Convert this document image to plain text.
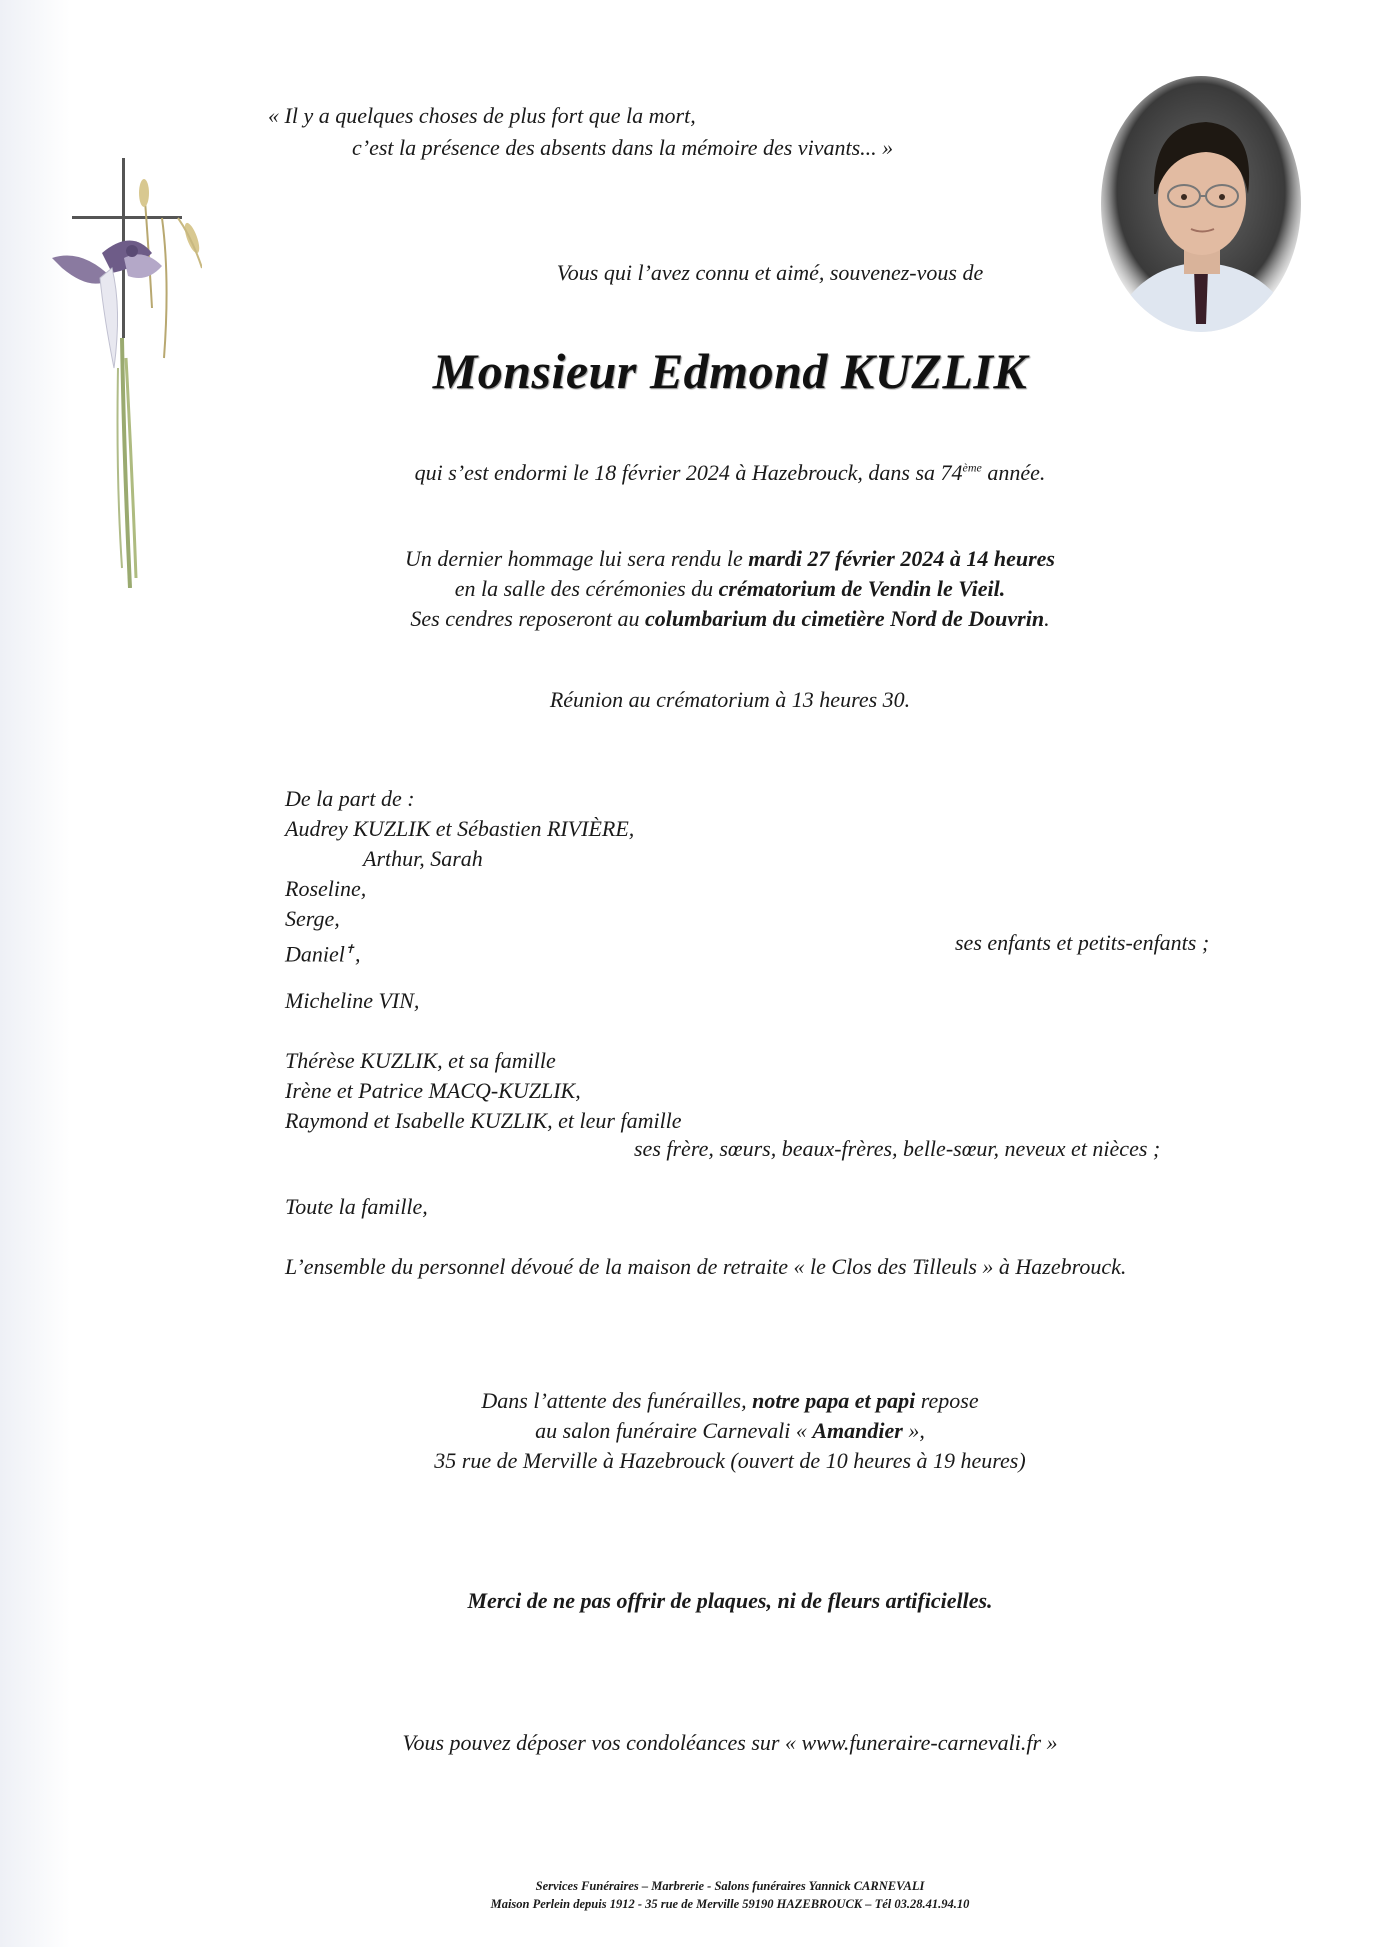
« Il y a quelques choses de plus fort que la mort,
c’est la présence des absents dans la mémoire des vivants... »
Vous qui l’avez connu et aimé, souvenez-vous de
Monsieur Edmond KUZLIK
qui s’est endormi le 18 février 2024 à Hazebrouck, dans sa 74ème année.
Un dernier hommage lui sera rendu le mardi 27 février 2024 à 14 heures
en la salle des cérémonies du crématorium de Vendin le Vieil.
Ses cendres reposeront au columbarium du cimetière Nord de Douvrin.
Réunion au crématorium à 13 heures 30.
De la part de :
Audrey KUZLIK et Sébastien RIVIÈRE,
Arthur, Sarah
Roseline,
Serge,
Daniel✝,	ses enfants et petits-enfants ;
Micheline VIN,
Thérèse KUZLIK, et sa famille
Irène et Patrice MACQ-KUZLIK,
Raymond et Isabelle KUZLIK, et leur famille
ses frère, sœurs, beaux-frères, belle-sœur, neveux et nièces ;
Toute la famille,
L’ensemble du personnel dévoué de la maison de retraite « le Clos des Tilleuls » à Hazebrouck.
Dans l’attente des funérailles, notre papa et papi repose
au salon funéraire Carnevali « Amandier »,
35 rue de Merville à Hazebrouck (ouvert de 10 heures à 19 heures)
Merci de ne pas offrir de plaques, ni de fleurs artificielles.
Vous pouvez déposer vos condoléances sur « www.funeraire-carnevali.fr »
Services Funéraires – Marbrerie - Salons funéraires Yannick CARNEVALI
Maison Perlein depuis 1912 - 35 rue de Merville 59190 HAZEBROUCK – Tél 03.28.41.94.10
